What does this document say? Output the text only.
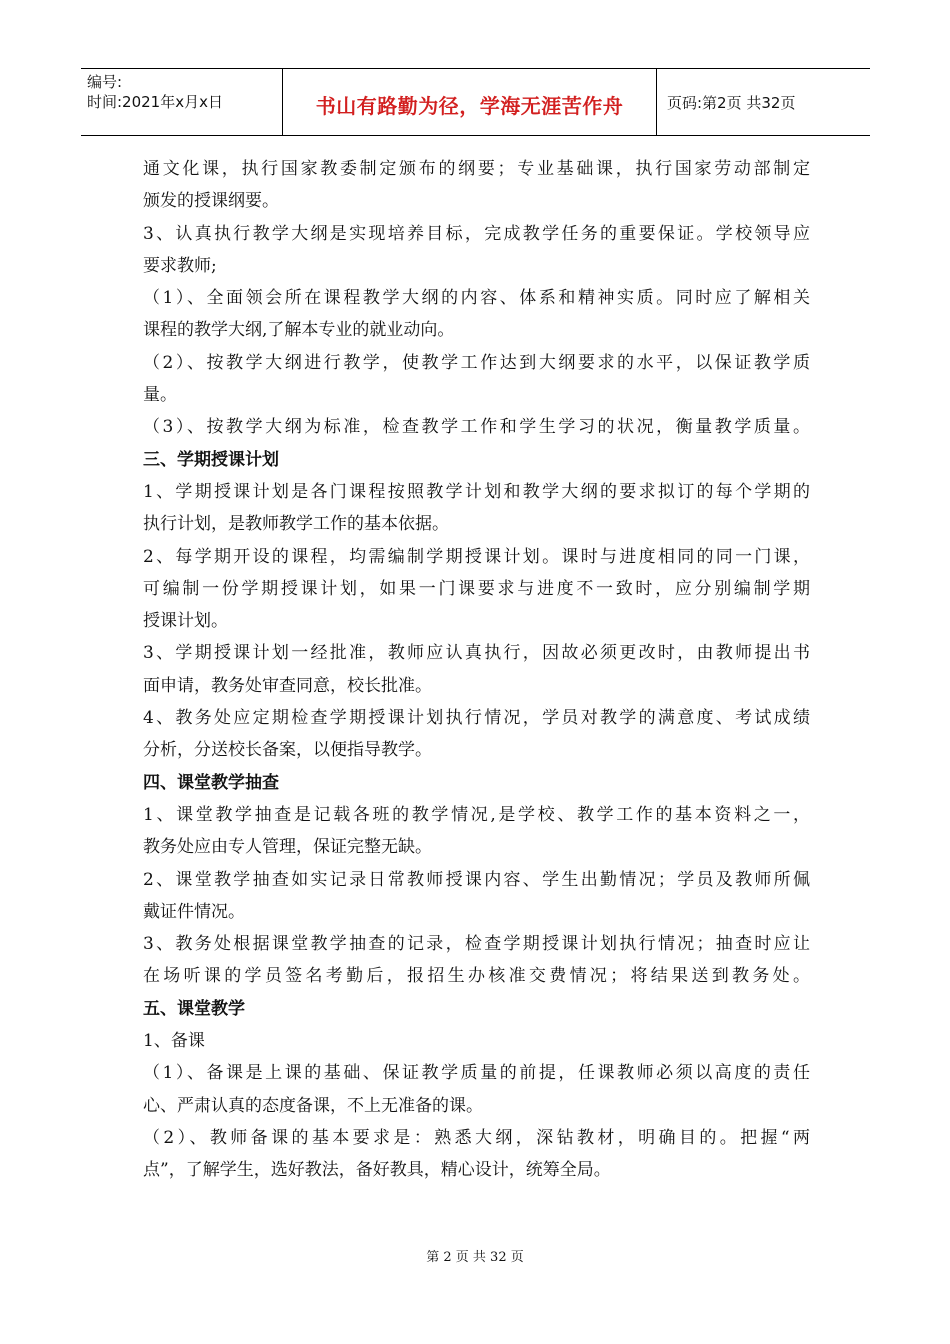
编号:
时间:2021年x月x日	书山有路勤为径，学海无涯苦作舟	页码:第2页 共32页
通文化课，执行国家教委制定颁布的纲要；专业基础课，执行国家劳动部制定
颁发的授课纲要。
3、认真执行教学大纲是实现培养目标，完成教学任务的重要保证。学校领导应
要求教师;
（1）、全面领会所在课程教学大纲的内容、体系和精神实质。同时应了解相关
课程的教学大纲,了解本专业的就业动向。
（2）、按教学大纲进行教学，使教学工作达到大纲要求的水平，以保证教学质
量。
（3）、按教学大纲为标准，检查教学工作和学生学习的状况，衡量教学质量。
三、学期授课计划
1、学期授课计划是各门课程按照教学计划和教学大纲的要求拟订的每个学期的
执行计划，是教师教学工作的基本依据。
2、每学期开设的课程，均需编制学期授课计划。课时与进度相同的同一门课，
可编制一份学期授课计划，如果一门课要求与进度不一致时，应分别编制学期
授课计划。
3、学期授课计划一经批准，教师应认真执行，因故必须更改时，由教师提出书
面申请，教务处审查同意，校长批准。
4、教务处应定期检查学期授课计划执行情况，学员对教学的满意度、考试成绩
分析，分送校长备案，以便指导教学。
四、课堂教学抽查
1、课堂教学抽查是记载各班的教学情况,是学校、教学工作的基本资料之一，
教务处应由专人管理，保证完整无缺。
2、课堂教学抽查如实记录日常教师授课内容、学生出勤情况；学员及教师所佩
戴证件情况。
3、教务处根据课堂教学抽查的记录，检查学期授课计划执行情况；抽查时应让
在场听课的学员签名考勤后，报招生办核准交费情况；将结果送到教务处。
五、课堂教学
1、备课
（1）、备课是上课的基础、保证教学质量的前提，任课教师必须以高度的责任
心、严肃认真的态度备课，不上无准备的课。
（2）、教师备课的基本要求是：熟悉大纲，深钻教材，明确目的。把握“两
点”，了解学生，选好教法，备好教具，精心设计，统筹全局。
第 2 页 共 32 页
